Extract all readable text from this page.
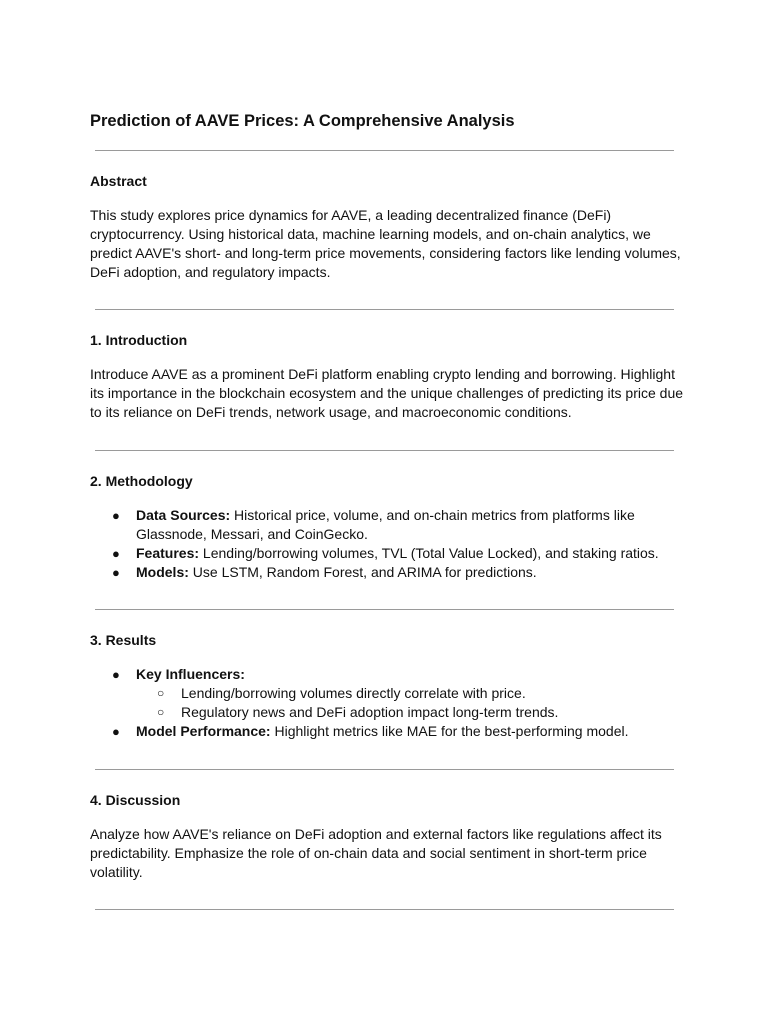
Prediction of AAVE Prices: A Comprehensive Analysis
Abstract

This study explores price dynamics for AAVE, a leading decentralized finance (DeFi)
cryptocurrency. Using historical data, machine learning models, and on-chain analytics, we
predict AAVE's short- and long-term price movements, considering factors like lending volumes,
DeFi adoption, and regulatory impacts.

1. Introduction

Introduce AAVE as a prominent DeFi platform enabling crypto lending and borrowing. Highlight
its importance in the blockchain ecosystem and the unique challenges of predicting its price due
to its reliance on DeFi trends, network usage, and macroeconomic conditions.

2. Methodology
● Data Sources: Historical price, volume, and on-chain metrics from platforms like
Glassnode, Messari, and CoinGecko.
● Features: Lending/borrowing volumes, TVL (Total Value Locked), and staking ratios.
● Models: Use LSTM, Random Forest, and ARIMA for predictions.
3. Results
● Key Influencers:
○ Lending/borrowing volumes directly correlate with price.
○ Regulatory news and DeFi adoption impact long-term trends.
● Model Performance: Highlight metrics like MAE for the best-performing model.
4. Discussion

Analyze how AAVE's reliance on DeFi adoption and external factors like regulations affect its
predictability. Emphasize the role of on-chain data and social sentiment in short-term price
volatility.
